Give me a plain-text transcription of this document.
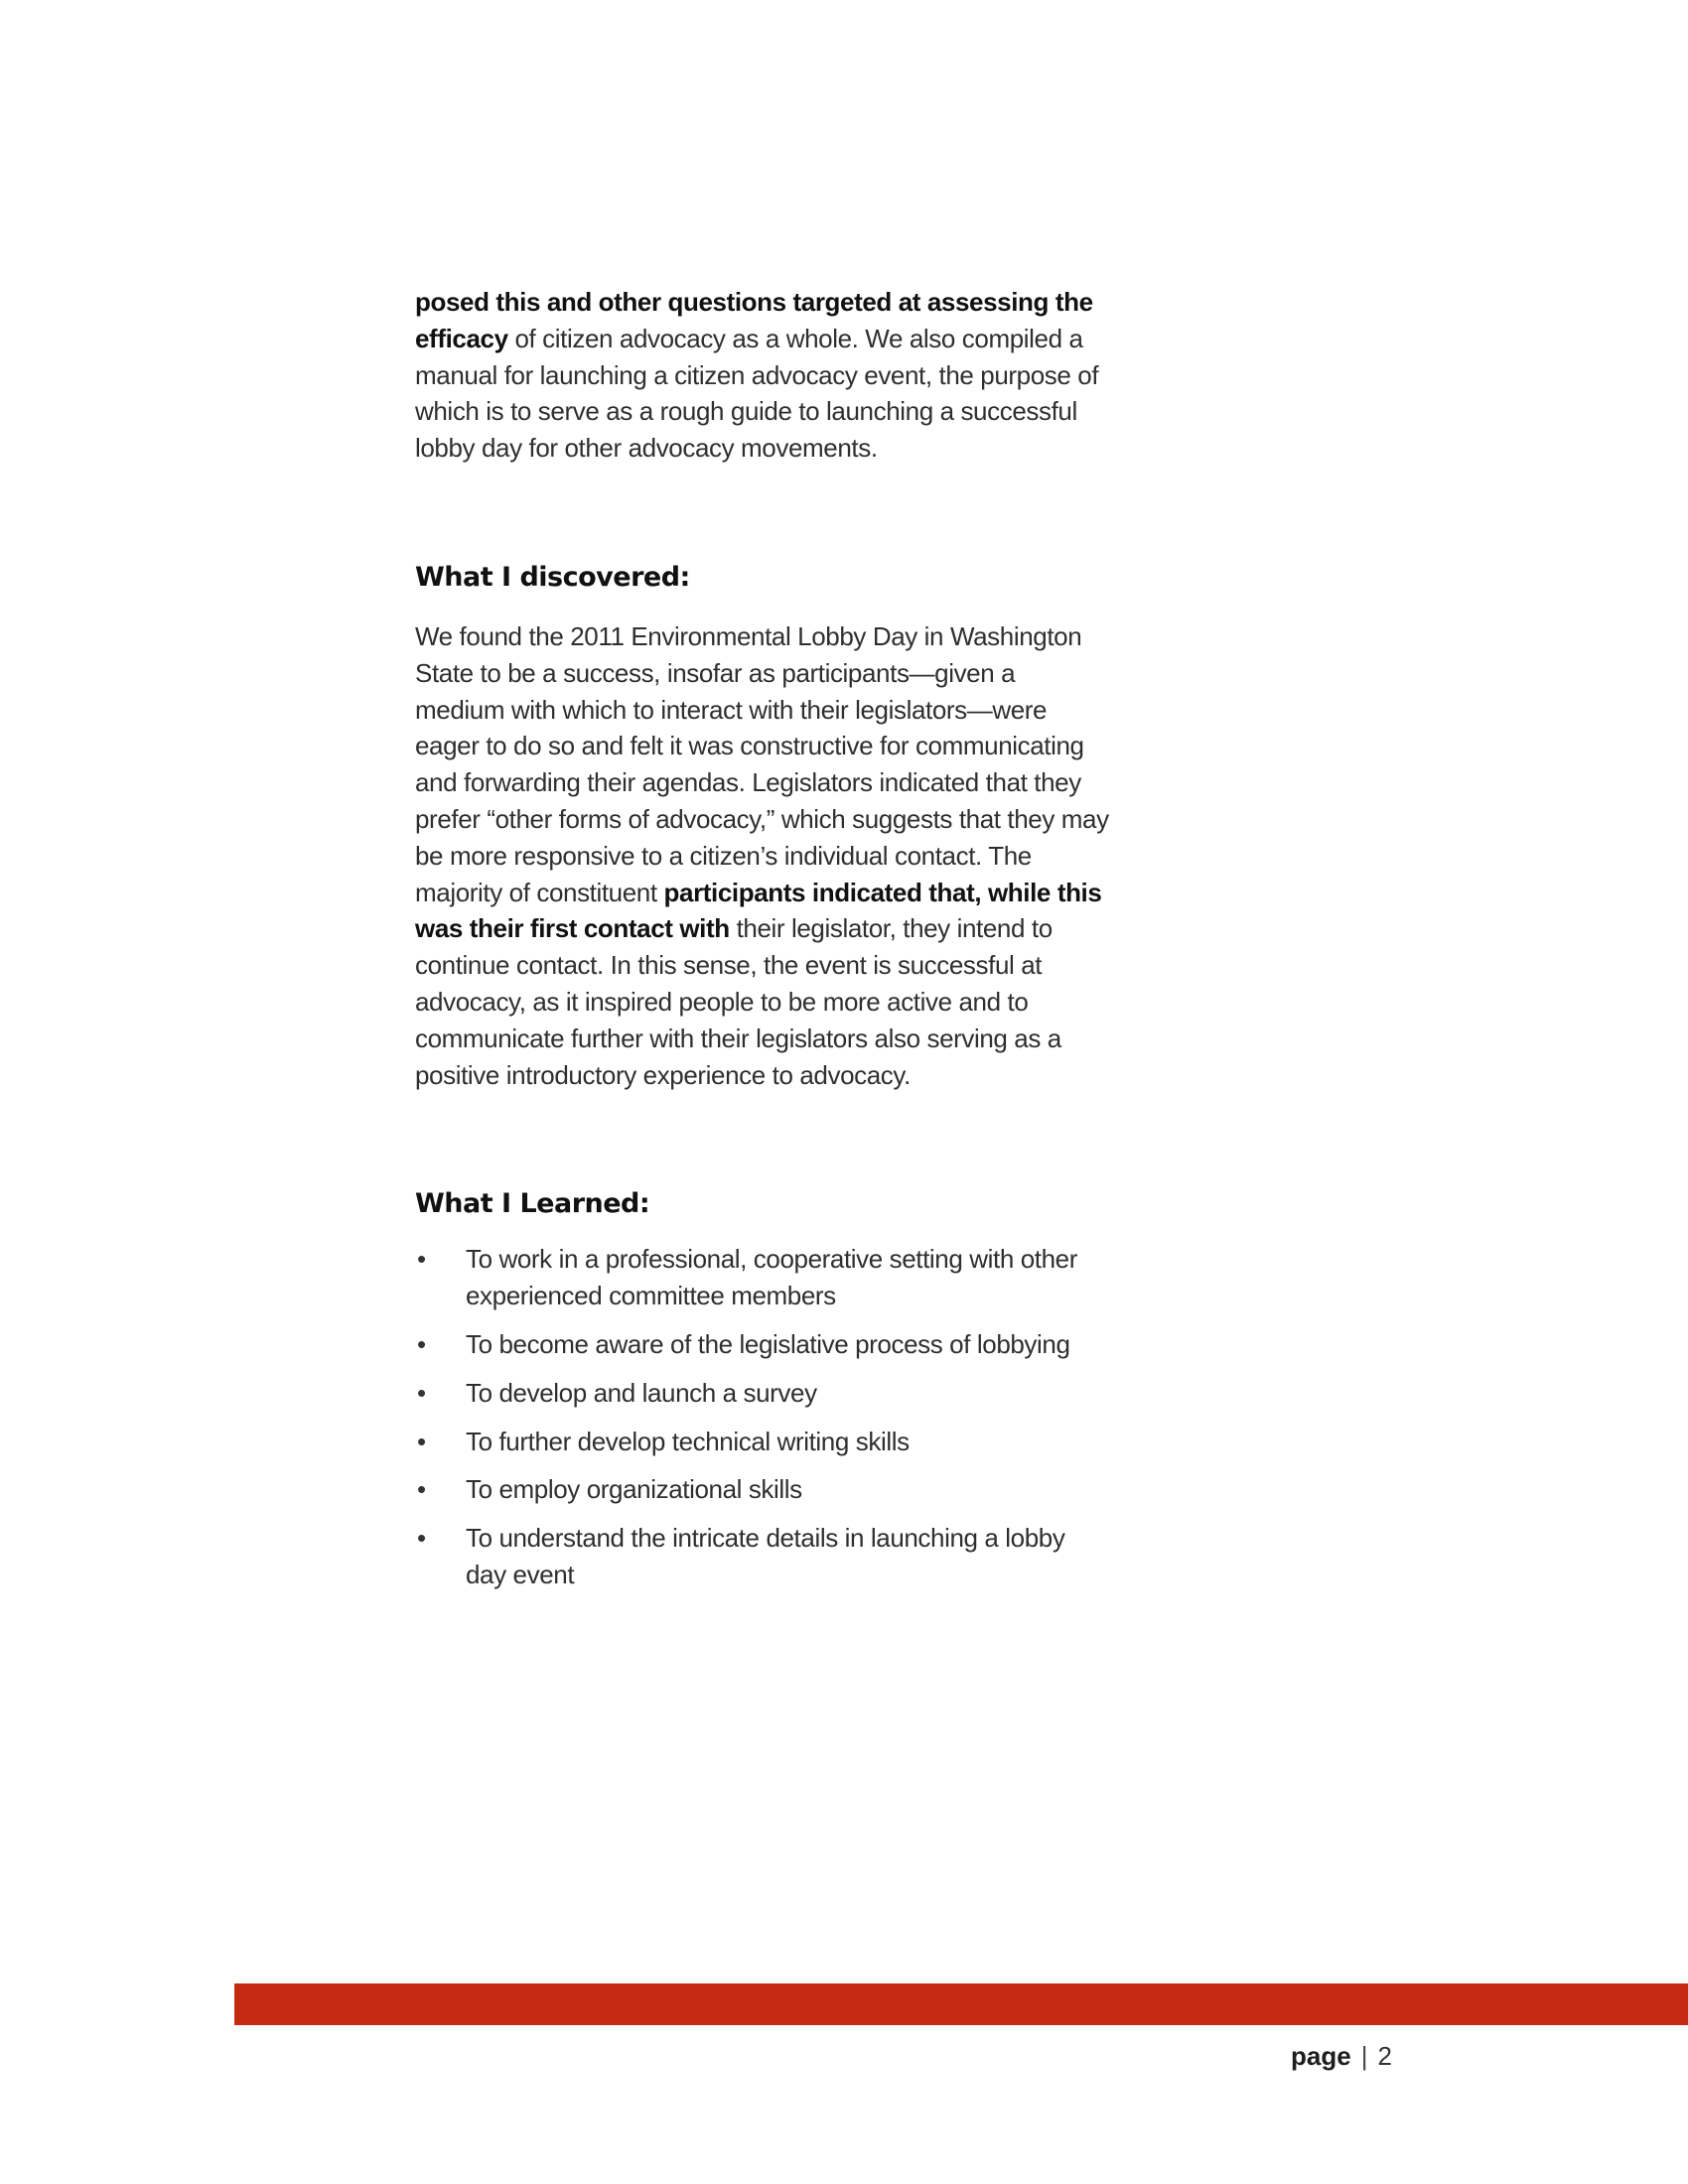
posed this and other questions targeted at assessing the efficacy of citizen advocacy as a whole. We also compiled a manual for launching a citizen advocacy event, the purpose of which is to serve as a rough guide to launching a successful lobby day for other advocacy movements.

What I discovered:

We found the 2011 Environmental Lobby Day in Washington State to be a success, insofar as participants—given a medium with which to interact with their legislators—were eager to do so and felt it was constructive for communicating and forwarding their agendas. Legislators indicated that they prefer “other forms of advocacy,” which suggests that they may be more responsive to a citizen’s individual contact. The majority of constituent participants indicated that, while this was their first contact with their legislator, they intend to continue contact. In this sense, the event is successful at advocacy, as it inspired people to be more active and to communicate further with their legislators also serving as a positive introductory experience to advocacy.

What I Learned:
•	To work in a professional, cooperative setting with other experienced committee members
•	To become aware of the legislative process of lobbying
•	To develop and launch a survey
•	To further develop technical writing skills
•	To employ organizational skills
•	To understand the intricate details in launching a lobby day event
page | 2
